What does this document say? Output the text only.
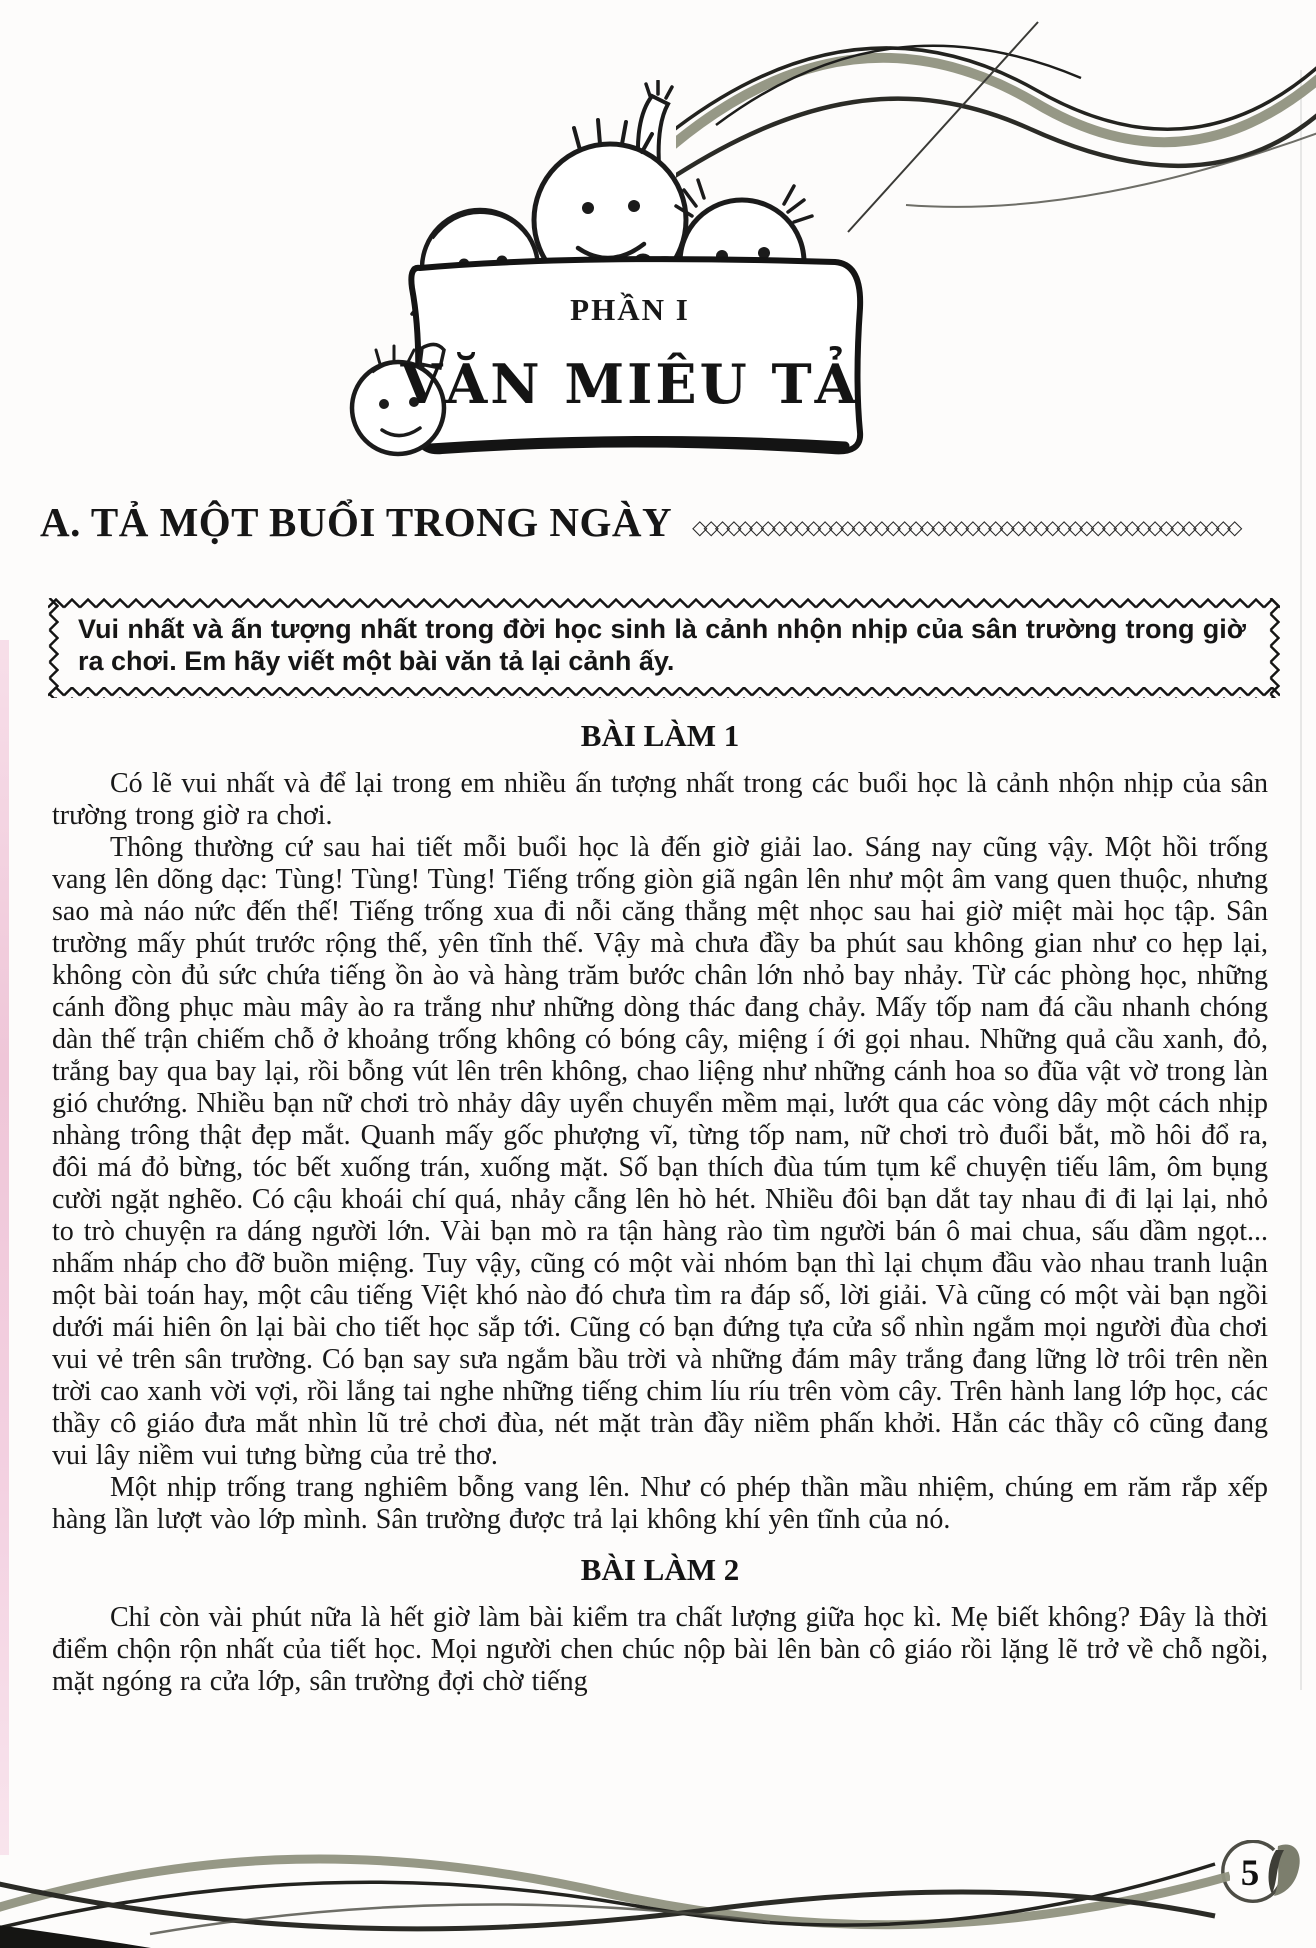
PHẦN I
VĂN MIÊU TẢ
A. TẢ MỘT BUỔI TRONG NGÀY ◇◇◇◇◇◇◇◇◇◇◇◇◇◇◇◇◇◇◇◇◇◇◇◇◇◇◇◇◇◇◇◇◇◇◇◇◇◇◇◇◇◇◇◇◇◇◇◇
Vui nhất và ấn tượng nhất trong đời học sinh là cảnh nhộn nhịp của sân trường trong giờ ra chơi. Em hãy viết một bài văn tả lại cảnh ấy.
BÀI LÀM 1

Có lẽ vui nhất và để lại trong em nhiều ấn tượng nhất trong các buổi học là cảnh nhộn nhịp của sân trường trong giờ ra chơi.

Thông thường cứ sau hai tiết mỗi buổi học là đến giờ giải lao. Sáng nay cũng vậy. Một hồi trống vang lên dõng dạc: Tùng! Tùng! Tùng! Tiếng trống giòn giã ngân lên như một âm vang quen thuộc, nhưng sao mà náo nức đến thế! Tiếng trống xua đi nỗi căng thẳng mệt nhọc sau hai giờ miệt mài học tập. Sân trường mấy phút trước rộng thế, yên tĩnh thế. Vậy mà chưa đầy ba phút sau không gian như co hẹp lại, không còn đủ sức chứa tiếng ồn ào và hàng trăm bước chân lớn nhỏ bay nhảy. Từ các phòng học, những cánh đồng phục màu mây ào ra trắng như những dòng thác đang chảy. Mấy tốp nam đá cầu nhanh chóng dàn thế trận chiếm chỗ ở khoảng trống không có bóng cây, miệng í ới gọi nhau. Những quả cầu xanh, đỏ, trắng bay qua bay lại, rồi bỗng vút lên trên không, chao liệng như những cánh hoa so đũa vật vờ trong làn gió chướng. Nhiều bạn nữ chơi trò nhảy dây uyển chuyển mềm mại, lướt qua các vòng dây một cách nhịp nhàng trông thật đẹp mắt. Quanh mấy gốc phượng vĩ, từng tốp nam, nữ chơi trò đuổi bắt, mồ hôi đổ ra, đôi má đỏ bừng, tóc bết xuống trán, xuống mặt. Số bạn thích đùa túm tụm kể chuyện tiếu lâm, ôm bụng cười ngặt nghẽo. Có cậu khoái chí quá, nhảy cẫng lên hò hét. Nhiều đôi bạn dắt tay nhau đi đi lại lại, nhỏ to trò chuyện ra dáng người lớn. Vài bạn mò ra tận hàng rào tìm người bán ô mai chua, sấu dầm ngọt... nhấm nháp cho đỡ buồn miệng. Tuy vậy, cũng có một vài nhóm bạn thì lại chụm đầu vào nhau tranh luận một bài toán hay, một câu tiếng Việt khó nào đó chưa tìm ra đáp số, lời giải. Và cũng có một vài bạn ngồi dưới mái hiên ôn lại bài cho tiết học sắp tới. Cũng có bạn đứng tựa cửa sổ nhìn ngắm mọi người đùa chơi vui vẻ trên sân trường. Có bạn say sưa ngắm bầu trời và những đám mây trắng đang lững lờ trôi trên nền trời cao xanh vời vợi, rồi lắng tai nghe những tiếng chim líu ríu trên vòm cây. Trên hành lang lớp học, các thầy cô giáo đưa mắt nhìn lũ trẻ chơi đùa, nét mặt tràn đầy niềm phấn khởi. Hẳn các thầy cô cũng đang vui lây niềm vui tưng bừng của trẻ thơ.

Một nhịp trống trang nghiêm bỗng vang lên. Như có phép thần mầu nhiệm, chúng em răm rắp xếp hàng lần lượt vào lớp mình. Sân trường được trả lại không khí yên tĩnh của nó.

BÀI LÀM 2

Chỉ còn vài phút nữa là hết giờ làm bài kiểm tra chất lượng giữa học kì. Mẹ biết không? Đây là thời điểm chộn rộn nhất của tiết học. Mọi người chen chúc nộp bài lên bàn cô giáo rồi lặng lẽ trở về chỗ ngồi, mặt ngóng ra cửa lớp, sân trường đợi chờ tiếng

5
